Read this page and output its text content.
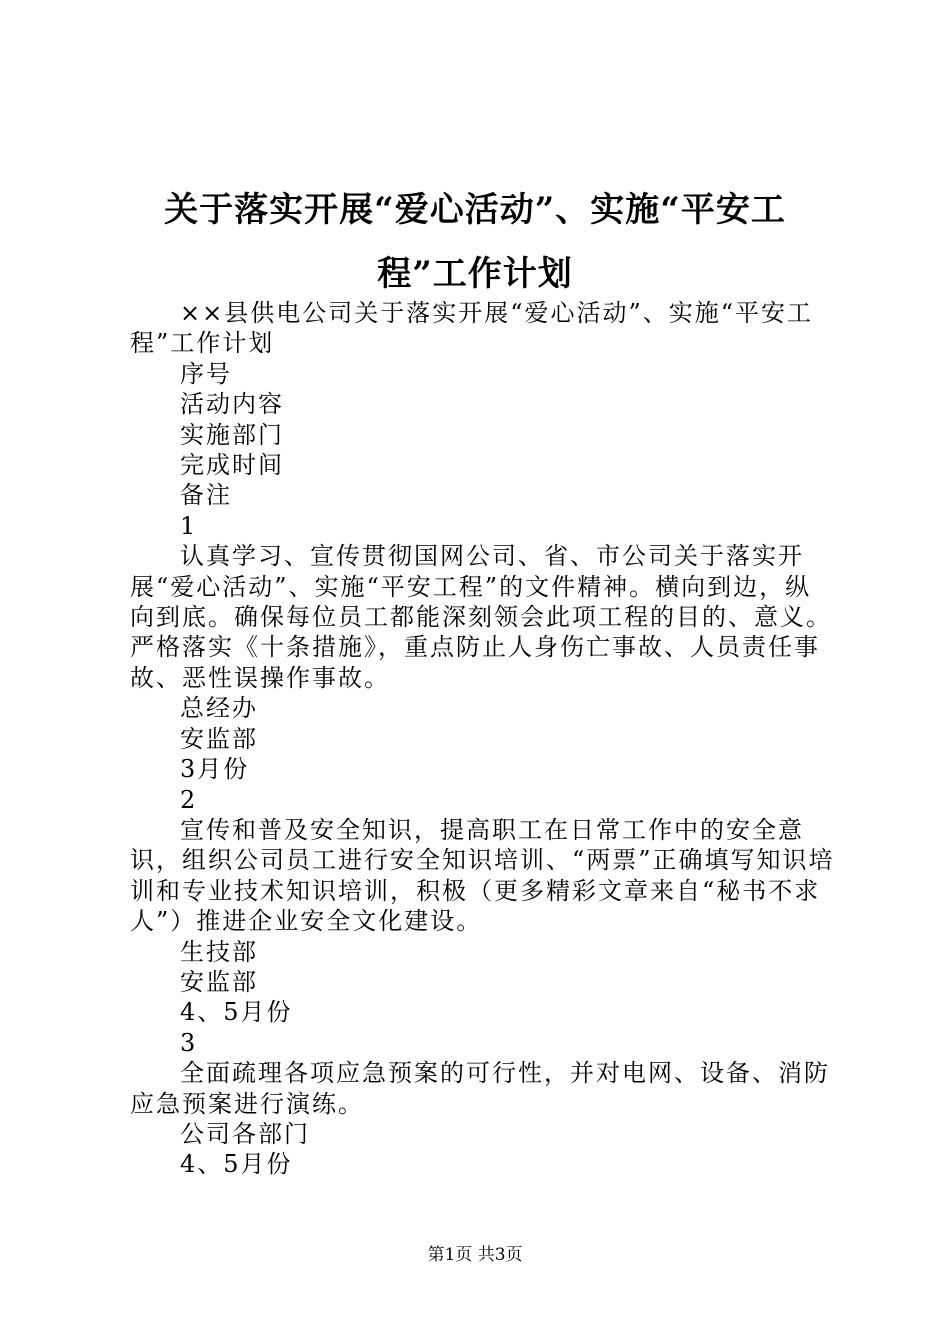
关于落实开展“爱心活动”、实施“平安工
程”工作计划

××县供电公司关于落实开展“爱心活动”、实施“平安工程”工作计划

序号

活动内容

实施部门

完成时间

备注

1

认真学习、宣传贯彻国网公司、省、市公司关于落实开展“爱心活动”、实施“平安工程”的文件精神。横向到边，纵向到底。确保每位员工都能深刻领会此项工程的目的、意义。严格落实《十条措施》，重点防止人身伤亡事故、人员责任事故、恶性误操作事故。

总经办

安监部

3月份

2

宣传和普及安全知识，提高职工在日常工作中的安全意识，组织公司员工进行安全知识培训、“两票”正确填写知识培训和专业技术知识培训，积极（更多精彩文章来自“秘书不求人”）推进企业安全文化建设。

生技部

安监部

4、5月份

3

全面疏理各项应急预案的可行性，并对电网、设备、消防应急预案进行演练。

公司各部门

4、5月份

第1页 共3页
